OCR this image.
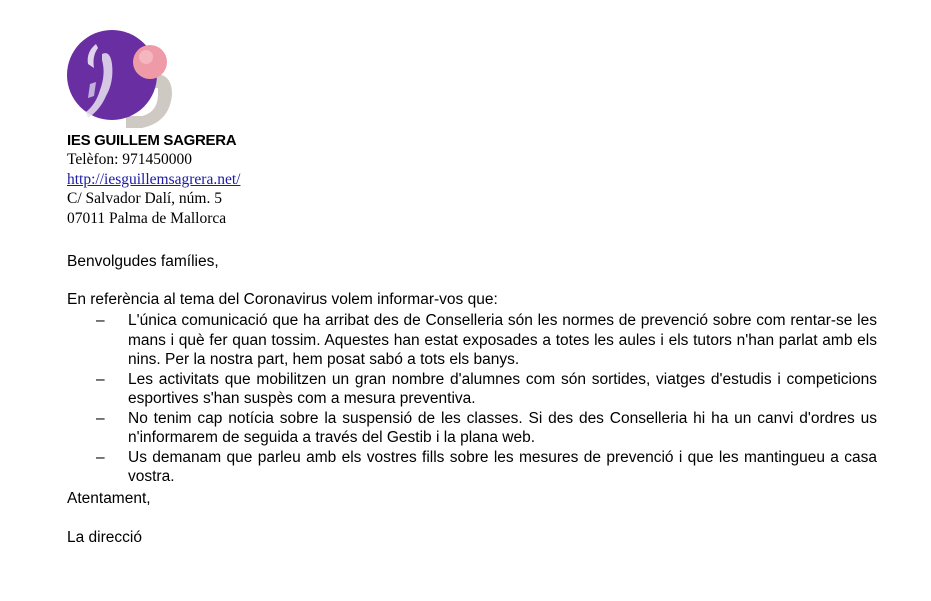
IES GUILLEM SAGRERA
Telèfon: 971450000
http://iesguillemsagrera.net/
C/ Salvador Dalí, núm. 5
07011 Palma de Mallorca
Benvolgudes famílies,
En referència al tema del Coronavirus volem informar-vos que:
– L'única comunicació que ha arribat des de Conselleria són les normes de prevenció sobre com rentar-se les mans i què fer quan tossim. Aquestes han estat exposades a totes les aules i els tutors n'han parlat amb els nins. Per la nostra part, hem posat sabó a tots els banys.
– Les activitats que mobilitzen un gran nombre d'alumnes com són sortides, viatges d'estudis i competicions esportives s'han suspès com a mesura preventiva.
– No tenim cap notícia sobre la suspensió de les classes. Si des des Conselleria hi ha un canvi d'ordres us n'informarem de seguida a través del Gestib i la plana web.
– Us demanam que parleu amb els vostres fills sobre les mesures de prevenció i que les mantingueu a casa vostra.
Atentament,
La direcció
